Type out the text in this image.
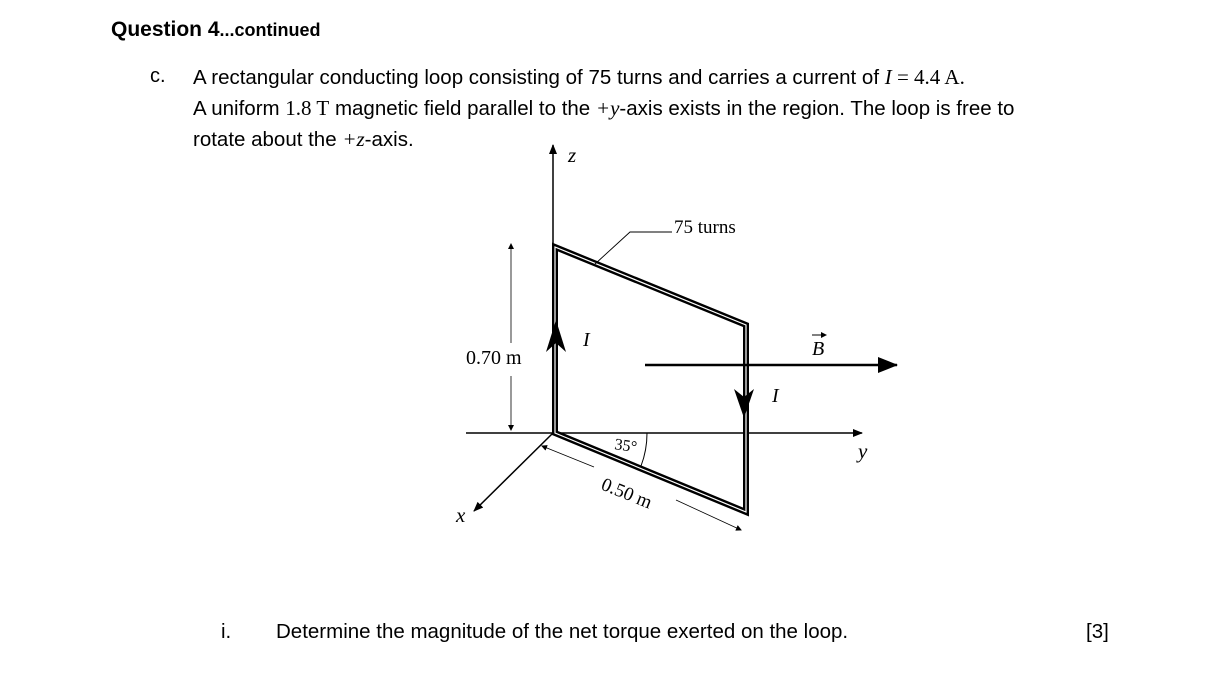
Question 4...continued
c. A rectangular conducting loop consisting of 75 turns and carries a current of I = 4.4 A.
A uniform 1.8 T magnetic field parallel to the +y-axis exists in the region. The loop is free to
rotate about the +z-axis.
z
y
x
75 turns
0.70 m
I
I
B
35°
0.50 m
i. Determine the magnitude of the net torque exerted on the loop.	[3]
